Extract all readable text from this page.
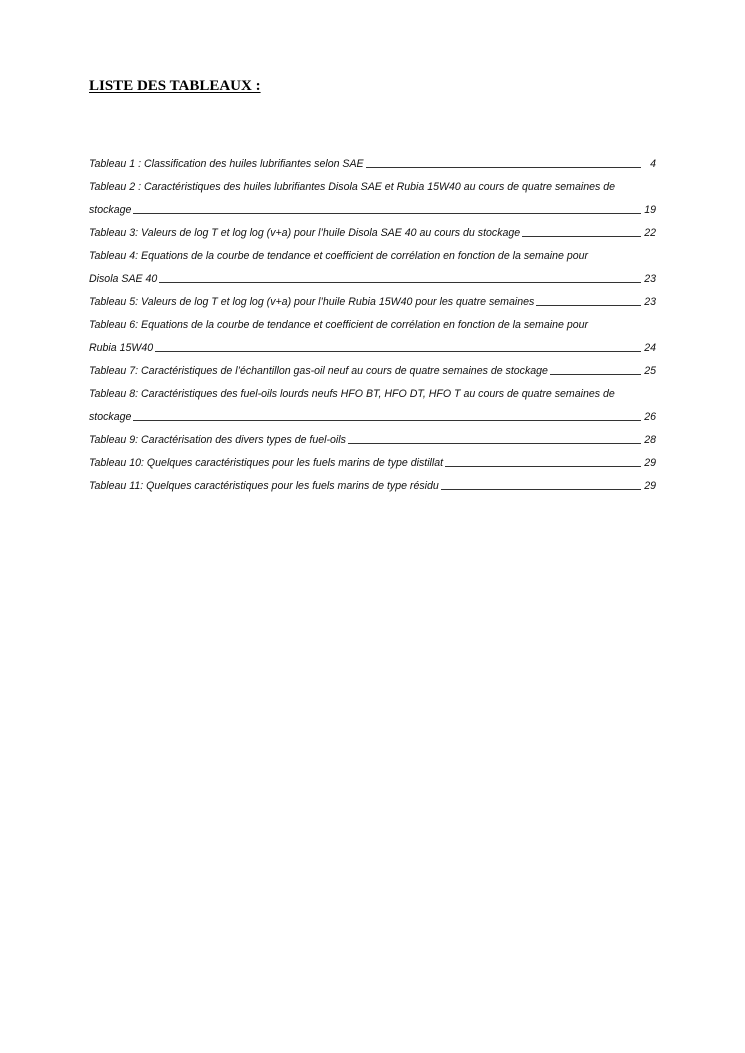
LISTE DES TABLEAUX :
Tableau 1 : Classification des huiles lubrifiantes selon SAE	4
Tableau 2 : Caractéristiques des huiles lubrifiantes Disola SAE et Rubia 15W40 au cours de quatre semaines de
stockage	19
Tableau 3: Valeurs de log T et log log (v+a) pour l’huile Disola SAE 40 au cours du stockage	22
Tableau 4: Equations de la courbe de tendance et coefficient de corrélation en fonction de la semaine pour
Disola SAE 40	23
Tableau 5: Valeurs de log T et log log (v+a) pour l’huile Rubia 15W40 pour les quatre semaines	23
Tableau 6: Equations de la courbe de tendance et coefficient de corrélation en fonction de la semaine pour
Rubia 15W40	24
Tableau 7: Caractéristiques de l’échantillon gas-oil neuf au cours de quatre semaines de stockage	25
Tableau 8: Caractéristiques des fuel-oils lourds neufs HFO BT, HFO DT, HFO T au cours de quatre semaines de
stockage	26
Tableau 9: Caractérisation des divers types de fuel-oils	28
Tableau 10: Quelques caractéristiques pour les fuels marins de type distillat	29
Tableau 11: Quelques caractéristiques pour les fuels marins de type résidu	29
